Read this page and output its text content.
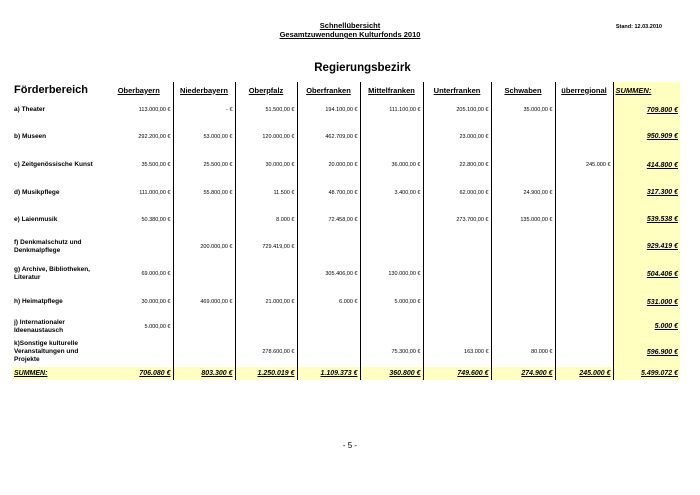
Schnellübersicht
Gesamtzuwendungen Kulturfonds 2010
Stand: 12.03.2010
Regierungsbezirk
Förderbereich	Oberbayern	Niederbayern	Oberpfalz	Oberfranken	Mittelfranken	Unterfranken	Schwaben	überregional	SUMMEN:
a) Theater	113.000,00 €	- €	51.500,00 €	194.100,00 €	111.100,00 €	205.100,00 €	35.000,00 €		709.800 €
b) Museen	292.200,00 €	53.000,00 €	120.000,00 €	462.709,00 €		23.000,00 €			950.909 €
c) Zeitgenössische Kunst	35.500,00 €	25.500,00 €	30.000,00 €	20.000,00 €	36.000,00 €	22.800,00 €		245.000 €	414.800 €
d) Musikpflege	111.000,00 €	55.800,00 €	11.500 €	48.700,00 €	3.400,00 €	62.000,00 €	24.900,00 €		317.300 €
e) Laienmusik	50.380,00 €		8.000 €	72.458,00 €		273.700,00 €	135.000,00 €		539.538 €
f) Denkmalschutz und Denkmalpflege		200.000,00 €	729.419,00 €						929.419 €
g) Archive, Bibliotheken, Literatur	69.000,00 €			305.406,00 €	130.000,00 €				504.406 €
h) Heimatpflege	30.000,00 €	469.000,00 €	21.000,00 €	6.000 €	5.000,00 €				531.000 €
j) Internationaler Ideenaustausch	5.000,00 €								5.000 €
k)Sonstige kulturelle Veranstaltungen und Projekte			278.600,00 €		75.300,00 €	163.000 €	80.000 €		596.900 €
SUMMEN:	706.080 €	803.300 €	1.250.019 €	1.109.373 €	360.800 €	749.600 €	274.900 €	245.000 €	5.499.072 €
- 5 -
